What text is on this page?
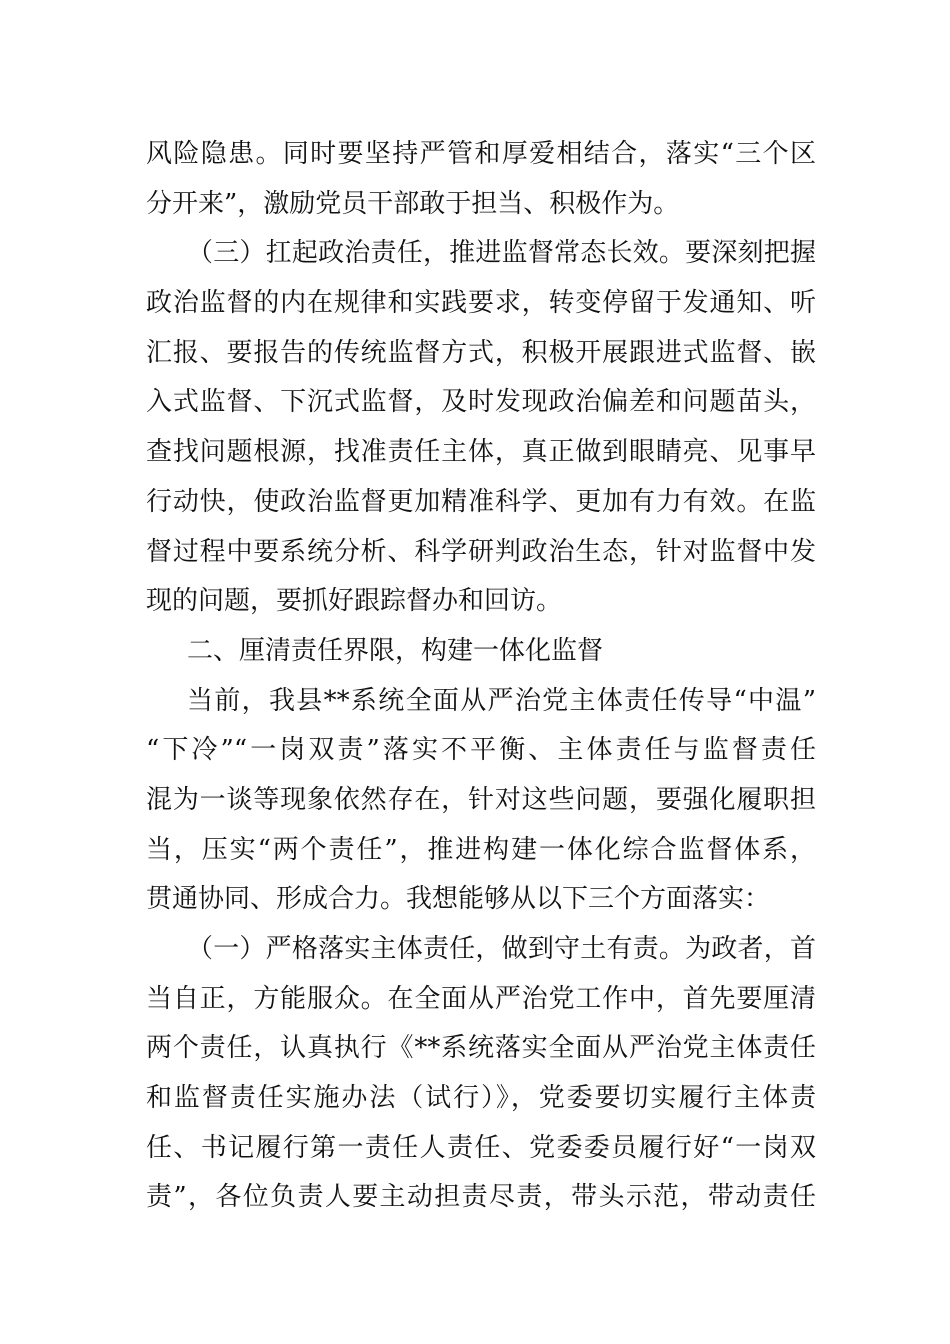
风险隐患。同时要坚持严管和厚爱相结合，落实“三个区
分开来”，激励党员干部敢于担当、积极作为。
（三）扛起政治责任，推进监督常态长效。要深刻把握
政治监督的内在规律和实践要求，转变停留于发通知、听
汇报、要报告的传统监督方式，积极开展跟进式监督、嵌
入式监督、下沉式监督，及时发现政治偏差和问题苗头，
查找问题根源，找准责任主体，真正做到眼睛亮、见事早
行动快，使政治监督更加精准科学、更加有力有效。在监
督过程中要系统分析、科学研判政治生态，针对监督中发
现的问题，要抓好跟踪督办和回访。
二、厘清责任界限，构建一体化监督
当前，我县**系统全面从严治党主体责任传导“中温”
“下冷”“一岗双责”落实不平衡、主体责任与监督责任
混为一谈等现象依然存在，针对这些问题，要强化履职担
当，压实“两个责任”，推进构建一体化综合监督体系，
贯通协同、形成合力。我想能够从以下三个方面落实：
（一）严格落实主体责任，做到守土有责。为政者，首
当自正，方能服众。在全面从严治党工作中，首先要厘清
两个责任，认真执行《**系统落实全面从严治党主体责任
和监督责任实施办法（试行）》，党委要切实履行主体责
任、书记履行第一责任人责任、党委委员履行好“一岗双
责”，各位负责人要主动担责尽责，带头示范，带动责任
